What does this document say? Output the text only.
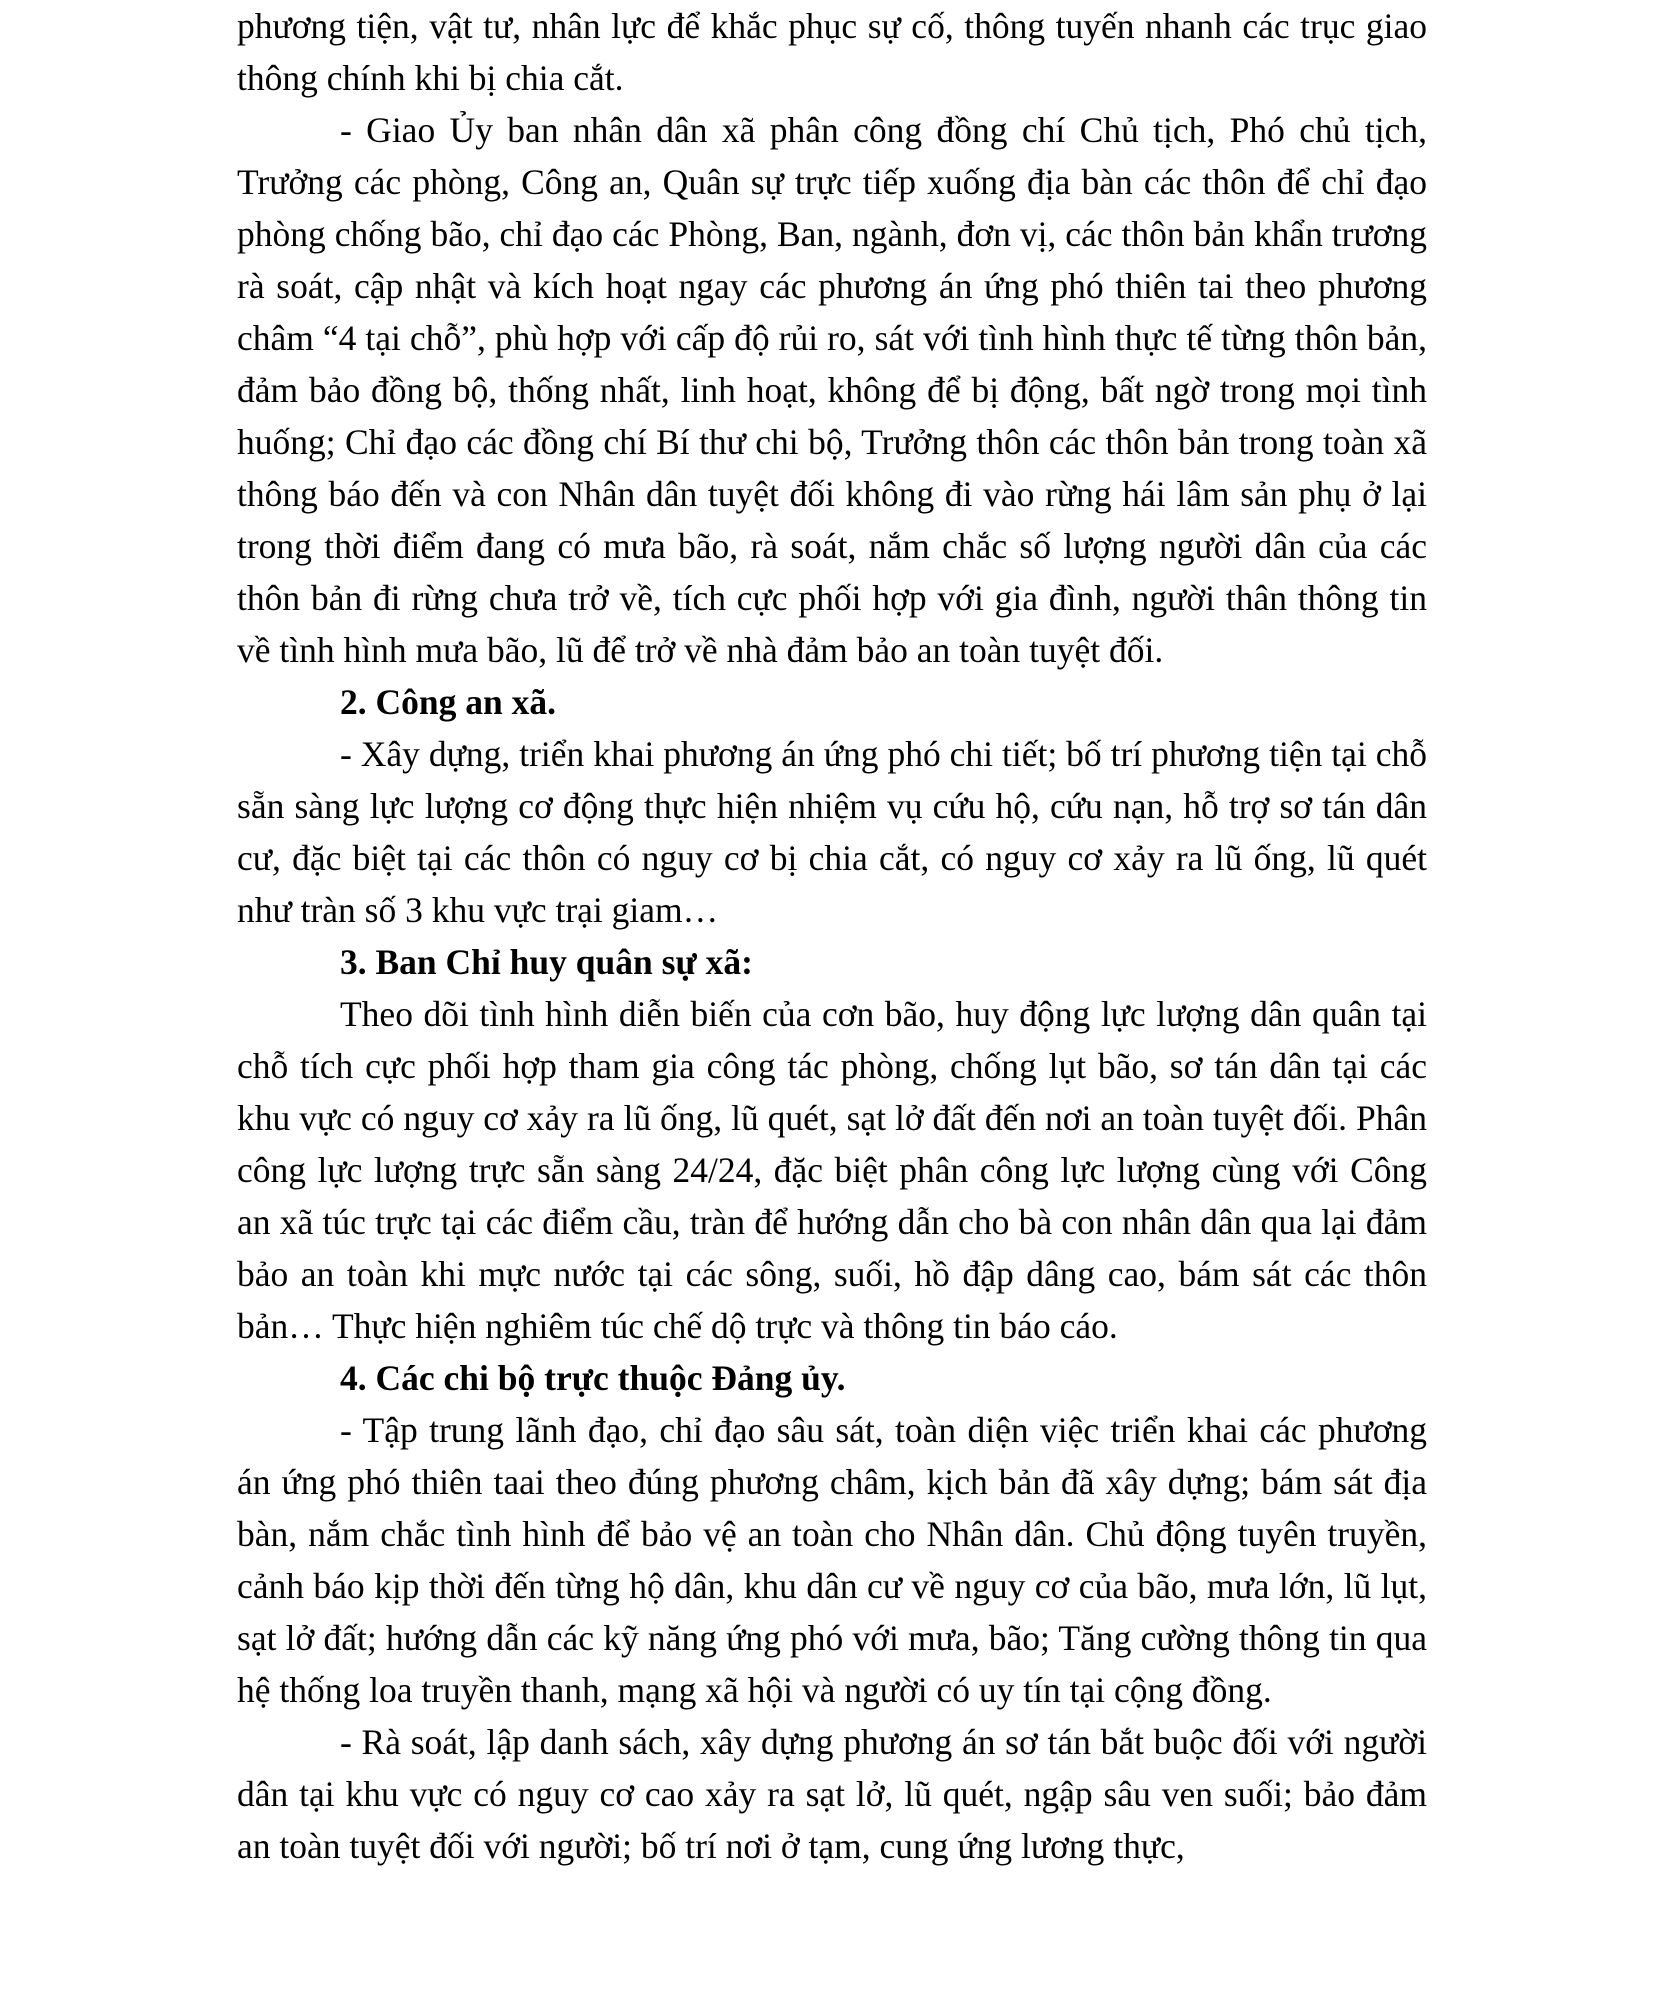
phương tiện, vật tư, nhân lực để khắc phục sự cố, thông tuyến nhanh các trục giao thông chính khi bị chia cắt.

- Giao Ủy ban nhân dân xã phân công đồng chí Chủ tịch, Phó chủ tịch, Trưởng các phòng, Công an, Quân sự trực tiếp xuống địa bàn các thôn để chỉ đạo phòng chống bão, chỉ đạo các Phòng, Ban, ngành, đơn vị, các thôn bản khẩn trương rà soát, cập nhật và kích hoạt ngay các phương án ứng phó thiên tai theo phương châm “4 tại chỗ”, phù hợp với cấp độ rủi ro, sát với tình hình thực tế từng thôn bản, đảm bảo đồng bộ, thống nhất, linh hoạt, không để bị động, bất ngờ trong mọi tình huống; Chỉ đạo các đồng chí Bí thư chi bộ, Trưởng thôn các thôn bản trong toàn xã thông báo đến và con Nhân dân tuyệt đối không đi vào rừng hái lâm sản phụ ở lại trong thời điểm đang có mưa bão, rà soát, nắm chắc số lượng người dân của các thôn bản đi rừng chưa trở về, tích cực phối hợp với gia đình, người thân thông tin về tình hình mưa bão, lũ để trở về nhà đảm bảo an toàn tuyệt đối.

2. Công an xã.

- Xây dựng, triển khai phương án ứng phó chi tiết; bố trí phương tiện tại chỗ sẵn sàng lực lượng cơ động thực hiện nhiệm vụ cứu hộ, cứu nạn, hỗ trợ sơ tán dân cư, đặc biệt tại các thôn có nguy cơ bị chia cắt, có nguy cơ xảy ra lũ ống, lũ quét như tràn số 3 khu vực trại giam…

3. Ban Chỉ huy quân sự xã:

Theo dõi tình hình diễn biến của cơn bão, huy động lực lượng dân quân tại chỗ tích cực phối hợp tham gia công tác phòng, chống lụt bão, sơ tán dân tại các khu vực có nguy cơ xảy ra lũ ống, lũ quét, sạt lở đất đến nơi an toàn tuyệt đối. Phân công lực lượng trực sẵn sàng 24/24, đặc biệt phân công lực lượng cùng với Công an xã túc trực tại các điểm cầu, tràn để hướng dẫn cho bà con nhân dân qua lại đảm bảo an toàn khi mực nước tại các sông, suối, hồ đập dâng cao, bám sát các thôn bản… Thực hiện nghiêm túc chế dộ trực và thông tin báo cáo.

4. Các chi bộ trực thuộc Đảng ủy.

- Tập trung lãnh đạo, chỉ đạo sâu sát, toàn diện việc triển khai các phương án ứng phó thiên taai theo đúng phương châm, kịch bản đã xây dựng; bám sát địa bàn, nắm chắc tình hình để bảo vệ an toàn cho Nhân dân. Chủ động tuyên truyền, cảnh báo kịp thời đến từng hộ dân, khu dân cư về nguy cơ của bão, mưa lớn, lũ lụt, sạt lở đất; hướng dẫn các kỹ năng ứng phó với mưa, bão; Tăng cường thông tin qua hệ thống loa truyền thanh, mạng xã hội và người có uy tín tại cộng đồng.

- Rà soát, lập danh sách, xây dựng phương án sơ tán bắt buộc đối với người dân tại khu vực có nguy cơ cao xảy ra sạt lở, lũ quét, ngập sâu ven suối; bảo đảm an toàn tuyệt đối với người; bố trí nơi ở tạm, cung ứng lương thực,
